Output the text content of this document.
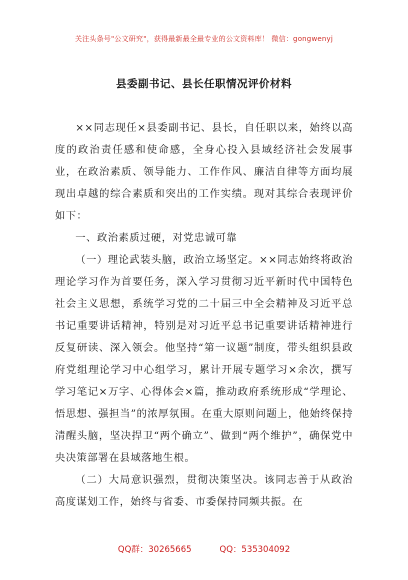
关注头条号"公文研究"，获得最新最全最专业的公文资料库！ 微信：gongwenyj
县委副书记、县长任职情况评价材料

××同志现任×县委副书记、县长，自任职以来，始终以高度的政治责任感和使命感，全身心投入县域经济社会发展事业，在政治素质、领导能力、工作作风、廉洁自律等方面均展现出卓越的综合素质和突出的工作实绩。现对其综合表现评价如下：

一、政治素质过硬，对党忠诚可靠

（一）理论武装头脑，政治立场坚定。××同志始终将政治理论学习作为首要任务，深入学习贯彻习近平新时代中国特色社会主义思想，系统学习党的二十届三中全会精神及习近平总书记重要讲话精神，特别是对习近平总书记重要讲话精神进行反复研读、深入领会。他坚持“第一议题”制度，带头组织县政府党组理论学习中心组学习，累计开展专题学习×余次，撰写学习笔记×万字、心得体会×篇，推动政府系统形成“学理论、悟思想、强担当”的浓厚氛围。在重大原则问题上，他始终保持清醒头脑，坚决捍卫“两个确立”、做到“两个维护”，确保党中央决策部署在县域落地生根。

（二）大局意识强烈，贯彻决策坚决。该同志善于从政治高度谋划工作，始终与省委、市委保持同频共振。在

QQ群：30265665	QQ：535304092
